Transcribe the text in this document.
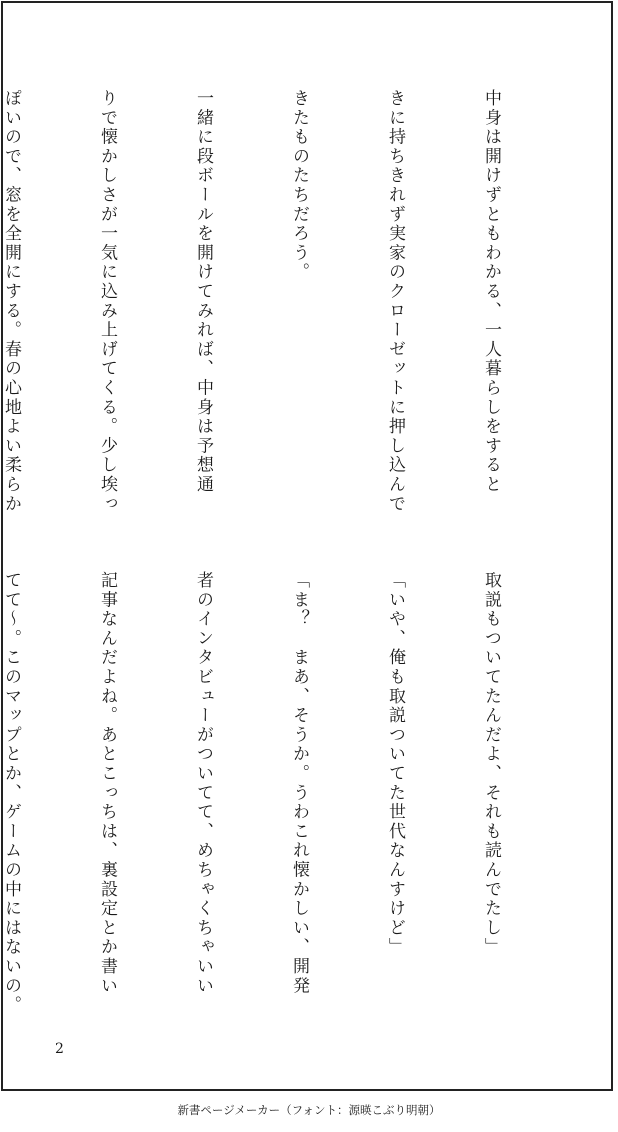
中身は開けずともわかる、一人暮らしをすると

きに持ちきれず実家のクローゼットに押し込んで

きたものたちだろう。

一緒に段ボールを開けてみれば、中身は予想通

りで懐かしさが一気に込み上げてくる。少し埃っ

ぽいので、窓を全開にする。春の心地よい柔らか

取説もついてたんだよ、それも読んでたし」

「いや、俺も取説ついてた世代なんすけど」

「ま？　まあ、そうか。うわこれ懐かしい、開発

者のインタビューがついてて、めちゃくちゃいい

記事なんだよね。あとこっちは、裏設定とか書い

てて〜。このマップとか、ゲームの中にはないの。

2
新書ページメーカー（フォント：源暎こぶり明朝）
